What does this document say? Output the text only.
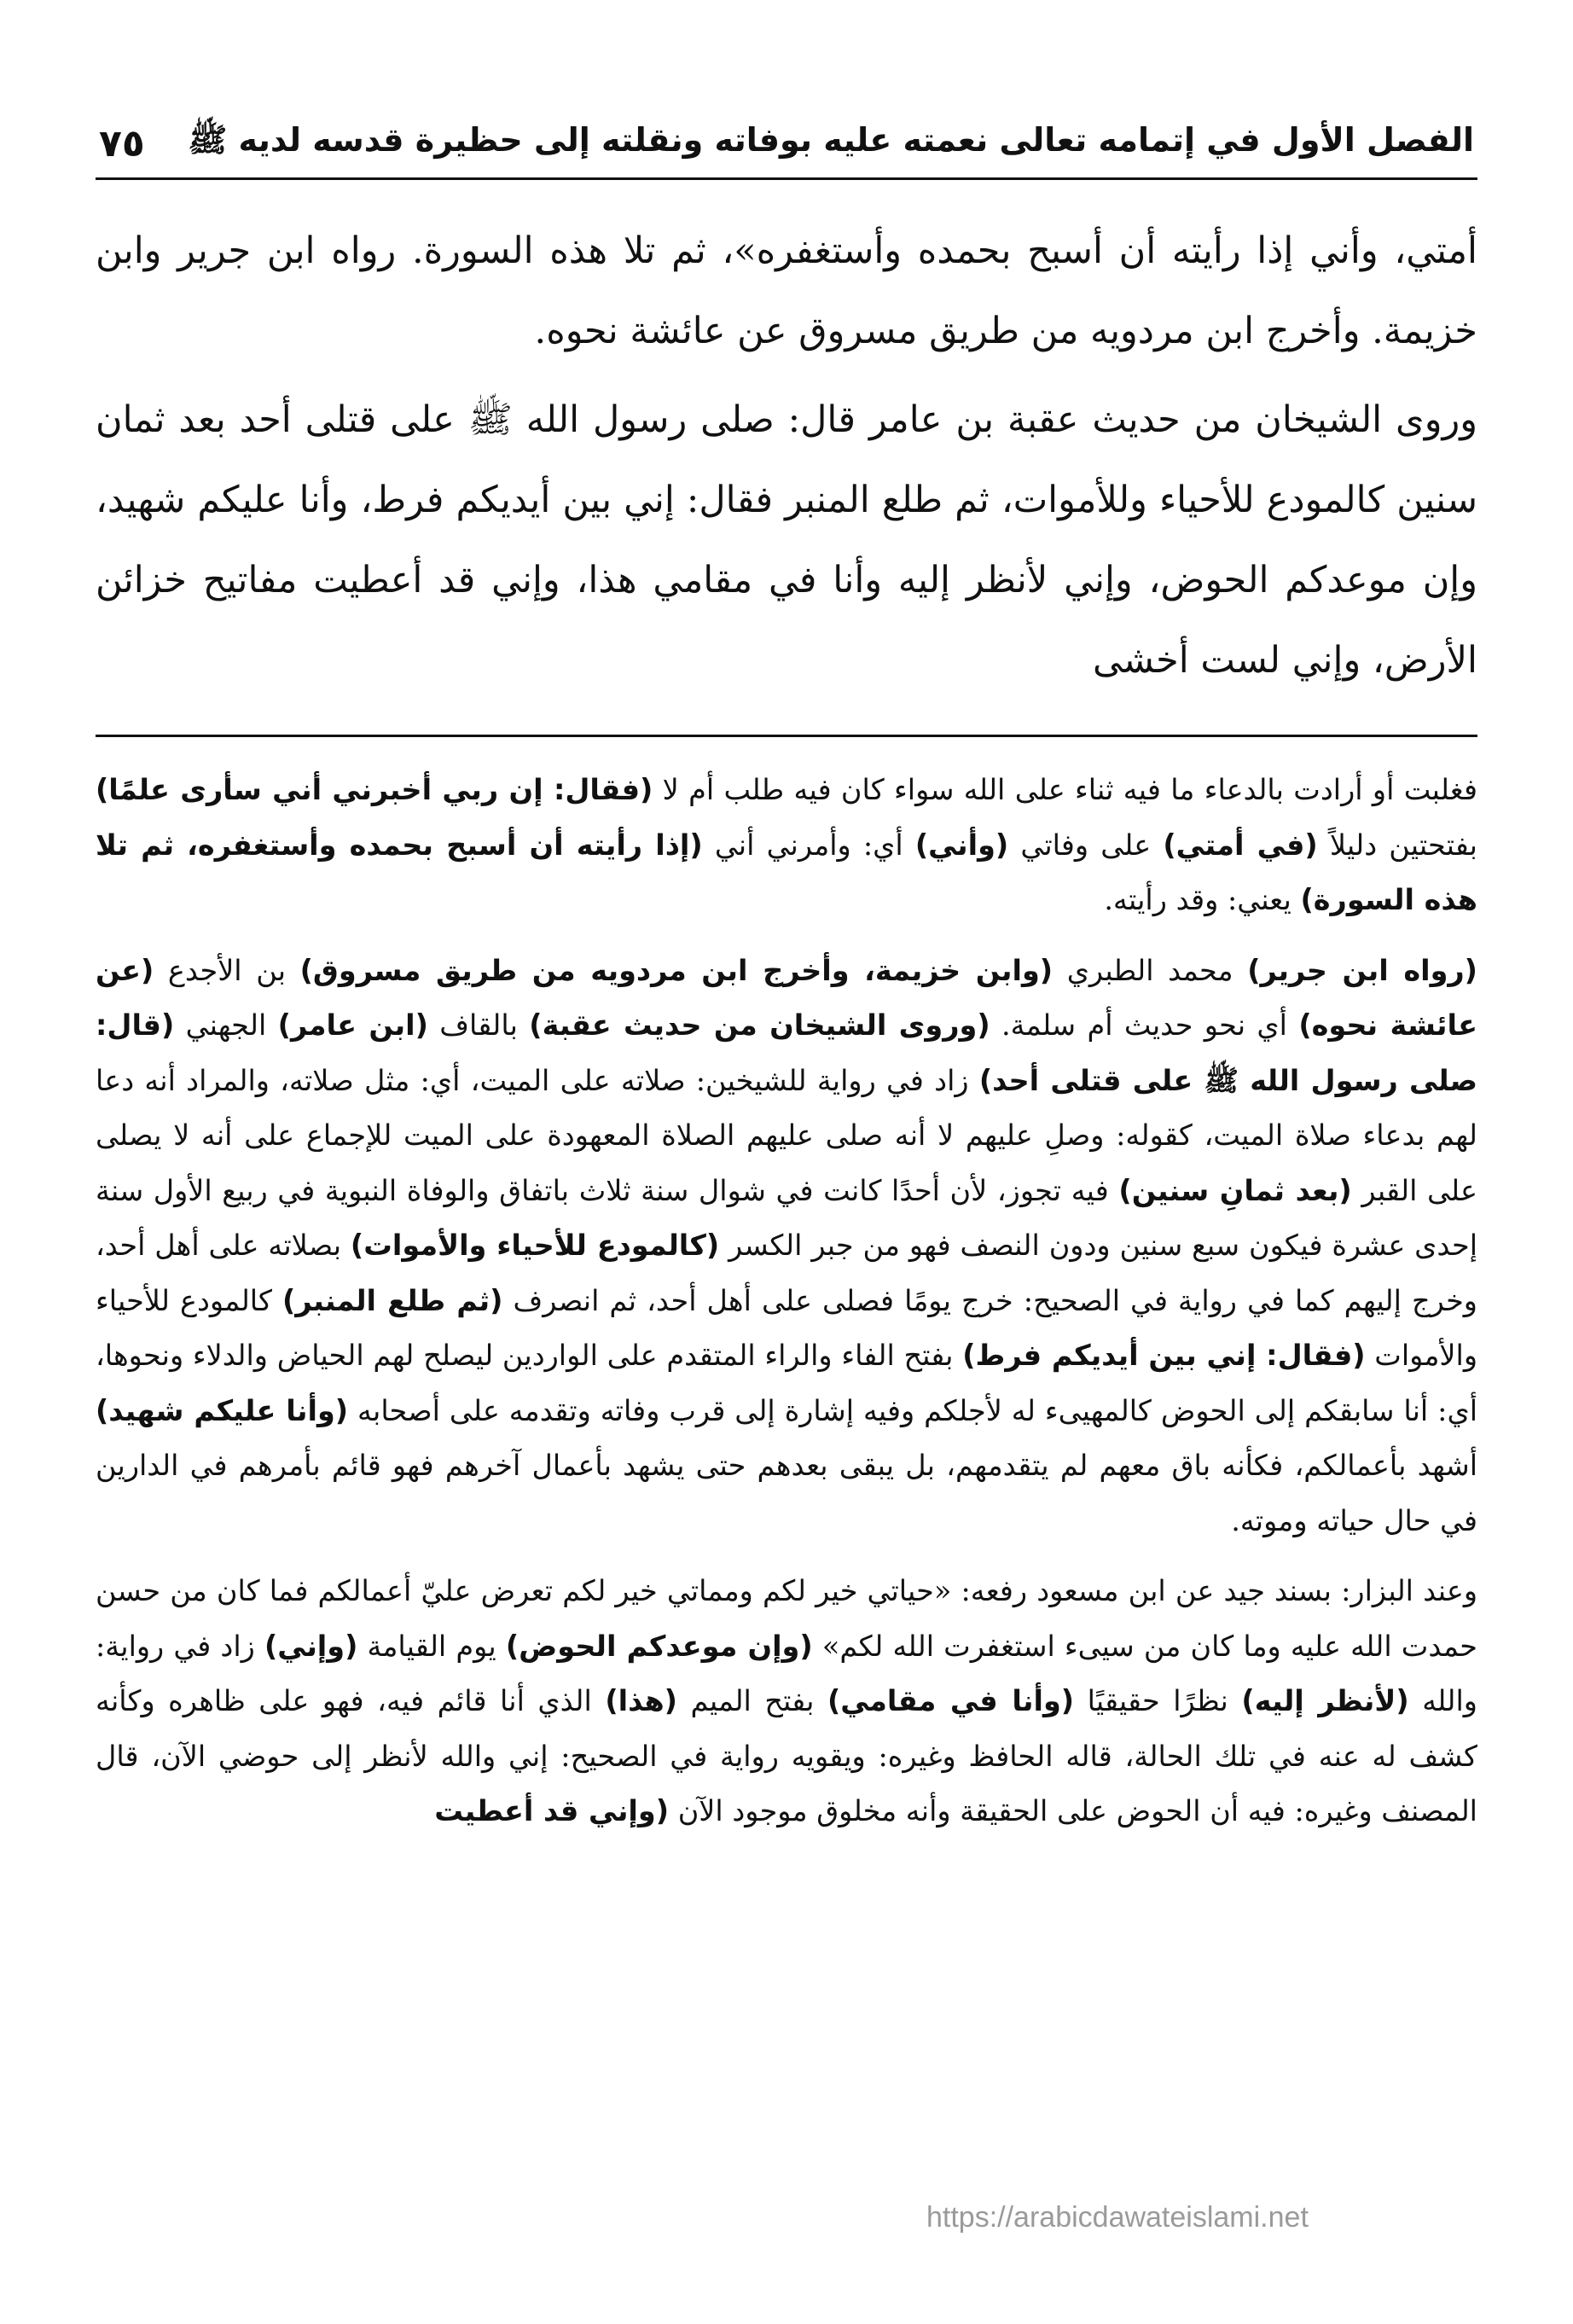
الفصل الأول في إتمامه تعالى نعمته عليه بوفاته ونقلته إلى حظيرة قدسه لديه ﷺ
٧٥

أمتي، وأني إذا رأيته أن أسبح بحمده وأستغفره»، ثم تلا هذه السورة. رواه ابن جرير وابن خزيمة. وأخرج ابن مردويه من طريق مسروق عن عائشة نحوه.

وروى الشيخان من حديث عقبة بن عامر قال: صلى رسول الله ﷺ على قتلى أحد بعد ثمان سنين كالمودع للأحياء وللأموات، ثم طلع المنبر فقال: إني بين أيديكم فرط، وأنا عليكم شهيد، وإن موعدكم الحوض، وإني لأنظر إليه وأنا في مقامي هذا، وإني قد أعطيت مفاتيح خزائن الأرض، وإني لست أخشى

فغلبت أو أرادت بالدعاء ما فيه ثناء على الله سواء كان فيه طلب أم لا (فقال: إن ربي أخبرني أني سأرى علمًا) بفتحتين دليلاً (في أمتي) على وفاتي (وأني) أي: وأمرني أني (إذا رأيته أن أسبح بحمده وأستغفره، ثم تلا هذه السورة) يعني: وقد رأيته.

(رواه ابن جرير) محمد الطبري (وابن خزيمة، وأخرج ابن مردويه من طريق مسروق) بن الأجدع (عن عائشة نحوه) أي نحو حديث أم سلمة. (وروى الشيخان من حديث عقبة) بالقاف (ابن عامر) الجهني (قال: صلى رسول الله ﷺ على قتلى أحد) زاد في رواية للشيخين: صلاته على الميت، أي: مثل صلاته، والمراد أنه دعا لهم بدعاء صلاة الميت، كقوله: وصلِ عليهم لا أنه صلى عليهم الصلاة المعهودة على الميت للإجماع على أنه لا يصلى على القبر (بعد ثمانِ سنين) فيه تجوز، لأن أحدًا كانت في شوال سنة ثلاث باتفاق والوفاة النبوية في ربيع الأول سنة إحدى عشرة فيكون سبع سنين ودون النصف فهو من جبر الكسر (كالمودع للأحياء والأموات) بصلاته على أهل أحد، وخرج إليهم كما في رواية في الصحيح: خرج يومًا فصلى على أهل أحد، ثم انصرف (ثم طلع المنبر) كالمودع للأحياء والأموات (فقال: إني بين أيديكم فرط) بفتح الفاء والراء المتقدم على الواردين ليصلح لهم الحياض والدلاء ونحوها، أي: أنا سابقكم إلى الحوض كالمهيىء له لأجلكم وفيه إشارة إلى قرب وفاته وتقدمه على أصحابه (وأنا عليكم شهيد) أشهد بأعمالكم، فكأنه باق معهم لم يتقدمهم، بل يبقى بعدهم حتى يشهد بأعمال آخرهم فهو قائم بأمرهم في الدارين في حال حياته وموته.

وعند البزار: بسند جيد عن ابن مسعود رفعه: «حياتي خير لكم ومماتي خير لكم تعرض عليّ أعمالكم فما كان من حسن حمدت الله عليه وما كان من سيىء استغفرت الله لكم» (وإن موعدكم الحوض) يوم القيامة (وإني) زاد في رواية: والله (لأنظر إليه) نظرًا حقيقيًا (وأنا في مقامي) بفتح الميم (هذا) الذي أنا قائم فيه، فهو على ظاهره وكأنه كشف له عنه في تلك الحالة، قاله الحافظ وغيره: ويقويه رواية في الصحيح: إني والله لأنظر إلى حوضي الآن، قال المصنف وغيره: فيه أن الحوض على الحقيقة وأنه مخلوق موجود الآن (وإني قد أعطيت

https://arabicdawateislami.net
